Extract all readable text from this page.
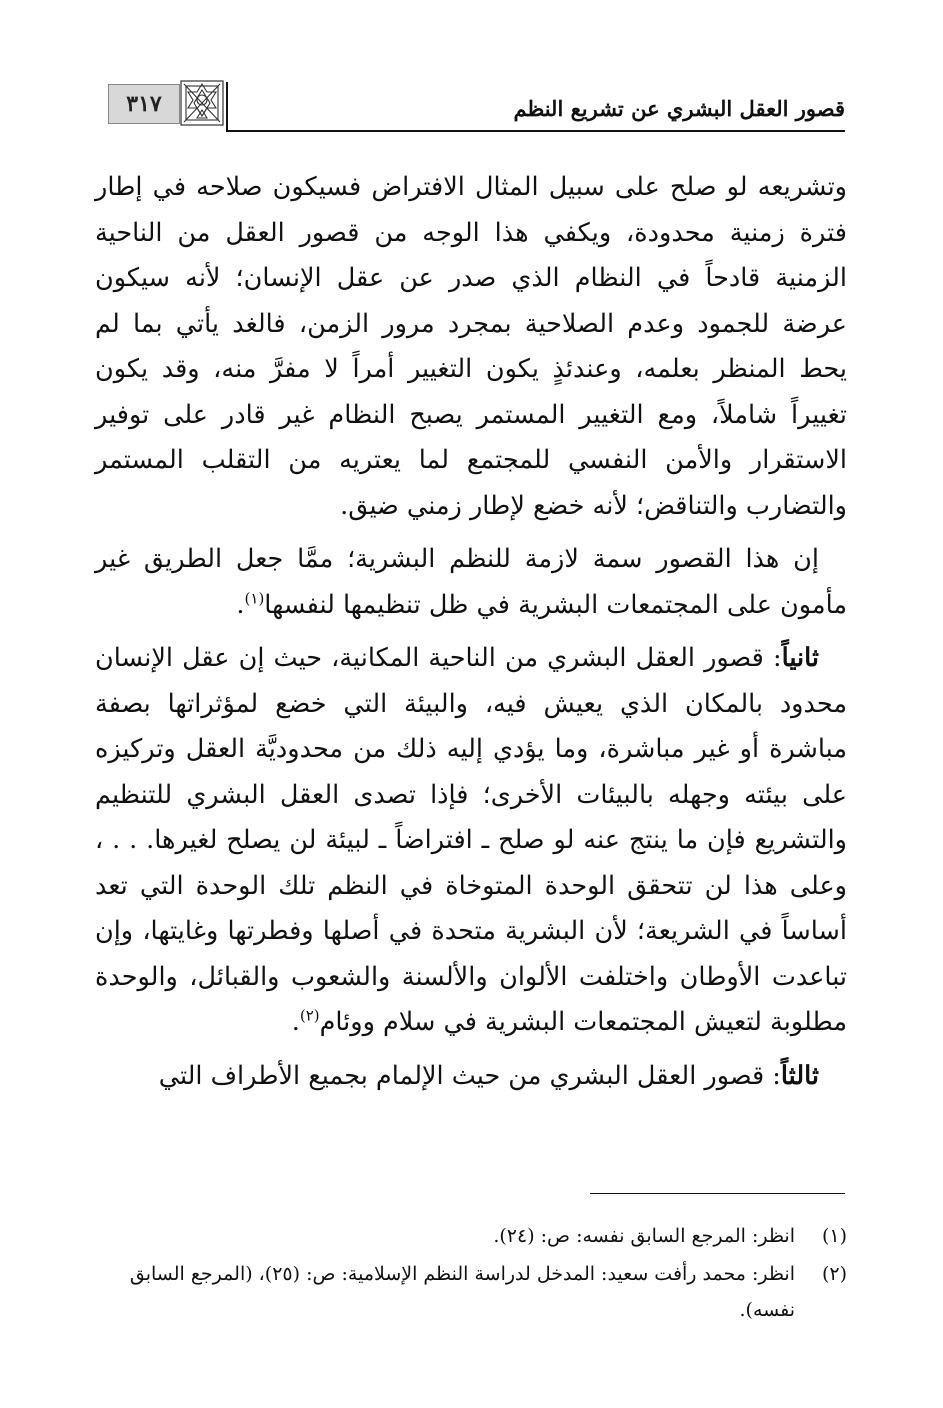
قصور العقل البشري عن تشريع النظم
٣١٧

وتشريعه لو صلح على سبيل المثال الافتراض فسيكون صلاحه في إطار فترة زمنية محدودة، ويكفي هذا الوجه من قصور العقل من الناحية الزمنية قادحاً في النظام الذي صدر عن عقل الإنسان؛ لأنه سيكون عرضة للجمود وعدم الصلاحية بمجرد مرور الزمن، فالغد يأتي بما لم يحط المنظر بعلمه، وعندئذٍ يكون التغيير أمراً لا مفرَّ منه، وقد يكون تغييراً شاملاً، ومع التغيير المستمر يصبح النظام غير قادر على توفير الاستقرار والأمن النفسي للمجتمع لما يعتريه من التقلب المستمر والتضارب والتناقض؛ لأنه خضع لإطار زمني ضيق.

إن هذا القصور سمة لازمة للنظم البشرية؛ ممَّا جعل الطريق غير مأمون على المجتمعات البشرية في ظل تنظيمها لنفسها$^{(١)}$.

ثانياً: قصور العقل البشري من الناحية المكانية، حيث إن عقل الإنسان محدود بالمكان الذي يعيش فيه، والبيئة التي خضع لمؤثراتها بصفة مباشرة أو غير مباشرة، وما يؤدي إليه ذلك من محدوديَّة العقل وتركيزه على بيئته وجهله بالبيئات الأخرى؛ فإذا تصدى العقل البشري للتنظيم والتشريع فإن ما ينتج عنه لو صلح ـ افتراضاً ـ لبيئة لن يصلح لغيرها. . . ، وعلى هذا لن تتحقق الوحدة المتوخاة في النظم تلك الوحدة التي تعد أساساً في الشريعة؛ لأن البشرية متحدة في أصلها وفطرتها وغايتها، وإن تباعدت الأوطان واختلفت الألوان والألسنة والشعوب والقبائل، والوحدة مطلوبة لتعيش المجتمعات البشرية في سلام ووئام$^{(٢)}$.

ثالثاً: قصور العقل البشري من حيث الإلمام بجميع الأطراف التي

(١)
انظر: المرجع السابق نفسه: ص: (٢٤).
(٢)
انظر: محمد رأفت سعيد: المدخل لدراسة النظم الإسلامية: ص: (٢٥)، (المرجع السابق نفسه).
